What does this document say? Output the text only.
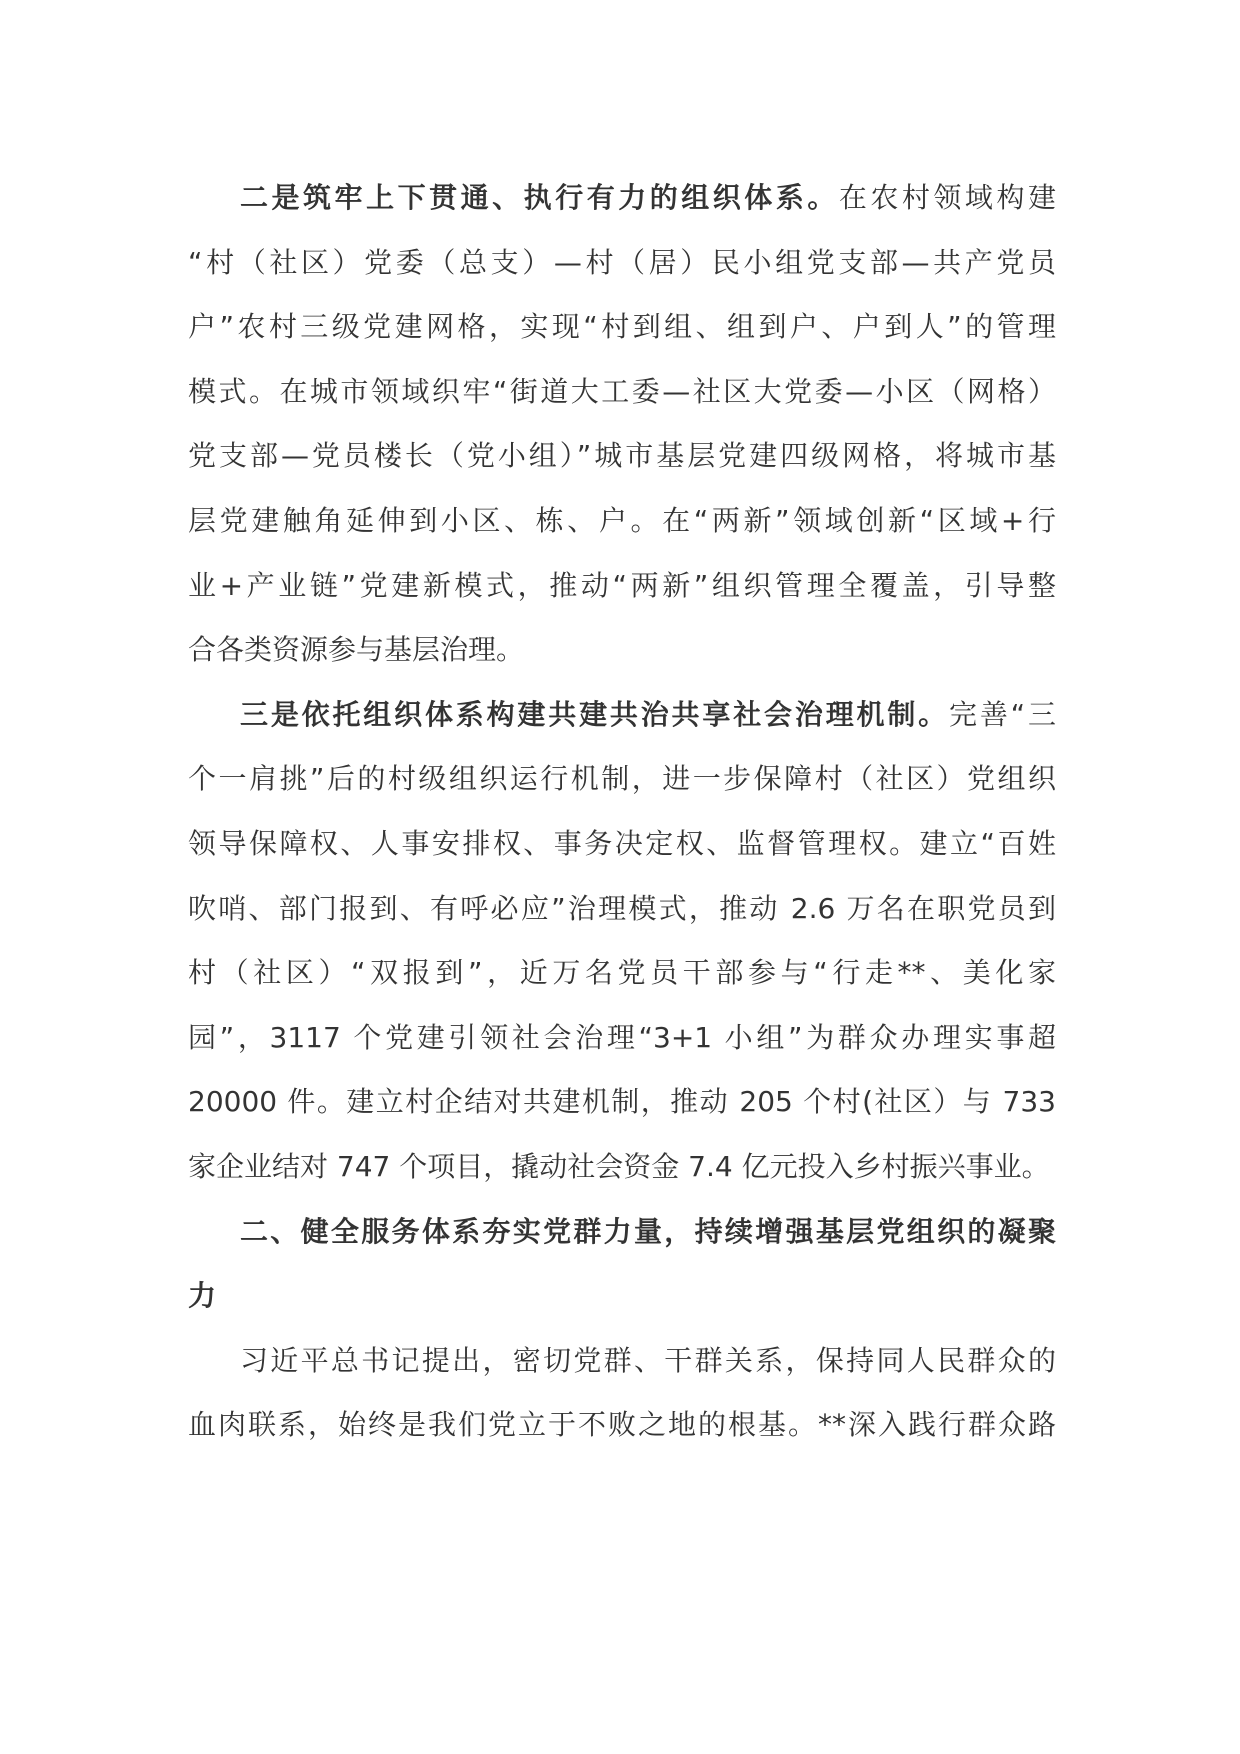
二是筑牢上下贯通、执行有力的组织体系。在农村领域构建
“村（社区）党委（总支）—村（居）民小组党支部—共产党员
户”农村三级党建网格，实现“村到组、组到户、户到人”的管理
模式。在城市领域织牢“街道大工委—社区大党委—小区（网格）
党支部—党员楼长（党小组）”城市基层党建四级网格，将城市基
层党建触角延伸到小区、栋、户。在“两新”领域创新“区域+行
业+产业链”党建新模式，推动“两新”组织管理全覆盖，引导整
合各类资源参与基层治理。
三是依托组织体系构建共建共治共享社会治理机制。完善“三
个一肩挑”后的村级组织运行机制，进一步保障村（社区）党组织
领导保障权、人事安排权、事务决定权、监督管理权。建立“百姓
吹哨、部门报到、有呼必应”治理模式，推动 2.6 万名在职党员到
村（社区）“双报到”，近万名党员干部参与“行走**、美化家
园”，3117 个党建引领社会治理“3+1 小组”为群众办理实事超
20000 件。建立村企结对共建机制，推动 205 个村(社区）与 733
家企业结对 747 个项目，撬动社会资金 7.4 亿元投入乡村振兴事业。
二、健全服务体系夯实党群力量，持续增强基层党组织的凝聚
力
习近平总书记提出，密切党群、干群关系，保持同人民群众的
血肉联系，始终是我们党立于不败之地的根基。**深入践行群众路
